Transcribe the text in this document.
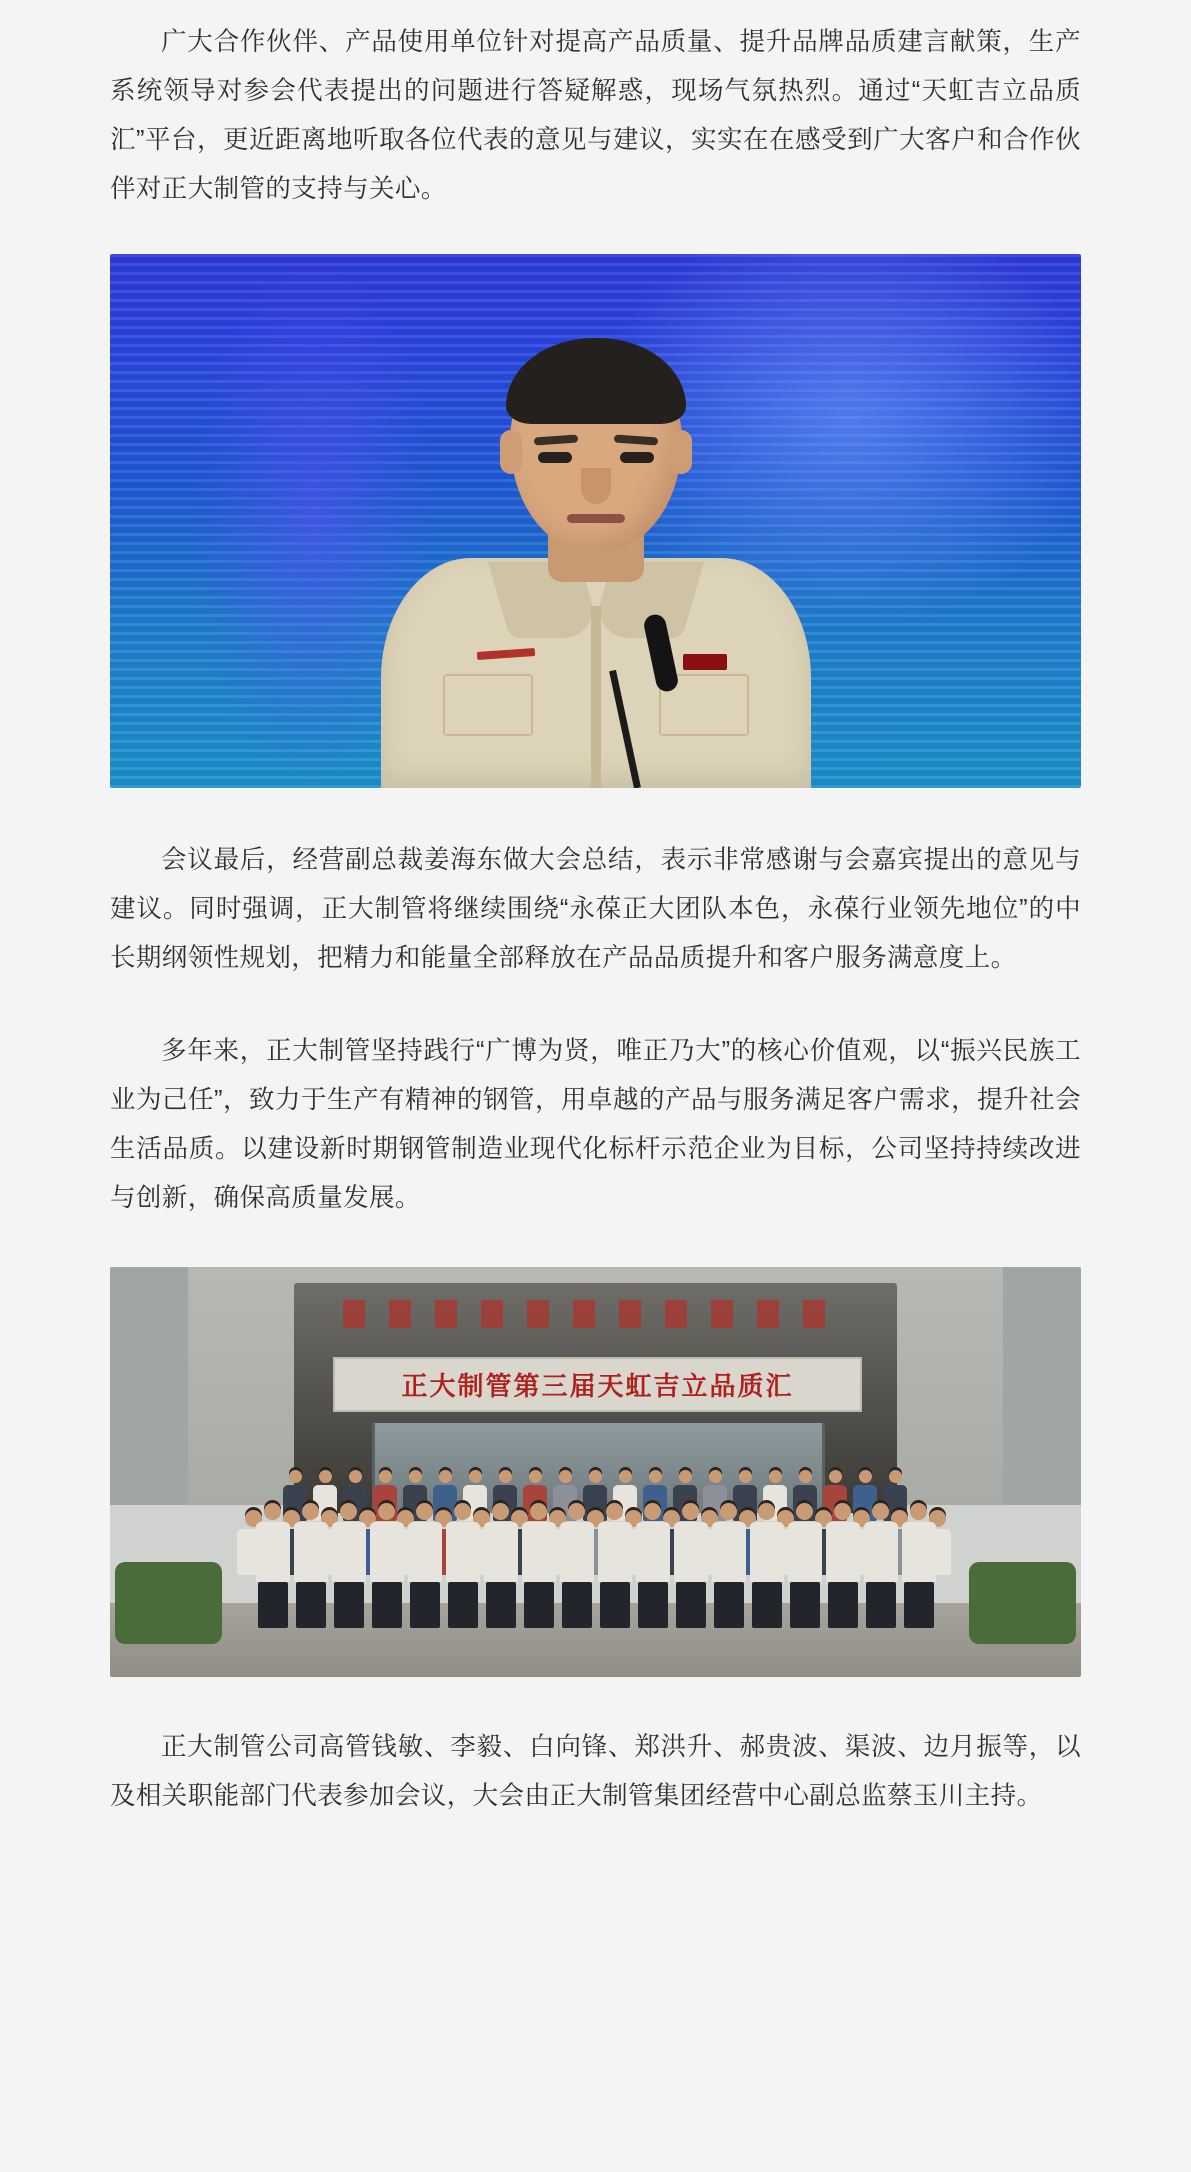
广大合作伙伴、产品使用单位针对提高产品质量、提升品牌品质建言献策，生产系统领导对参会代表提出的问题进行答疑解惑，现场气氛热烈。通过“天虹吉立品质汇”平台，更近距离地听取各位代表的意见与建议，实实在在感受到广大客户和合作伙伴对正大制管的支持与关心。

会议最后，经营副总裁姜海东做大会总结，表示非常感谢与会嘉宾提出的意见与建议。同时强调，正大制管将继续围绕“永葆正大团队本色，永葆行业领先地位”的中长期纲领性规划，把精力和能量全部释放在产品品质提升和客户服务满意度上。

多年来，正大制管坚持践行“广博为贤，唯正乃大”的核心价值观，以“振兴民族工业为己任”，致力于生产有精神的钢管，用卓越的产品与服务满足客户需求，提升社会生活品质。以建设新时期钢管制造业现代化标杆示范企业为目标，公司坚持持续改进与创新，确保高质量发展。

正大制管第三届天虹吉立品质汇

正大制管公司高管钱敏、李毅、白向锋、郑洪升、郝贵波、渠波、边月振等，以及相关职能部门代表参加会议，大会由正大制管集团经营中心副总监蔡玉川主持。
